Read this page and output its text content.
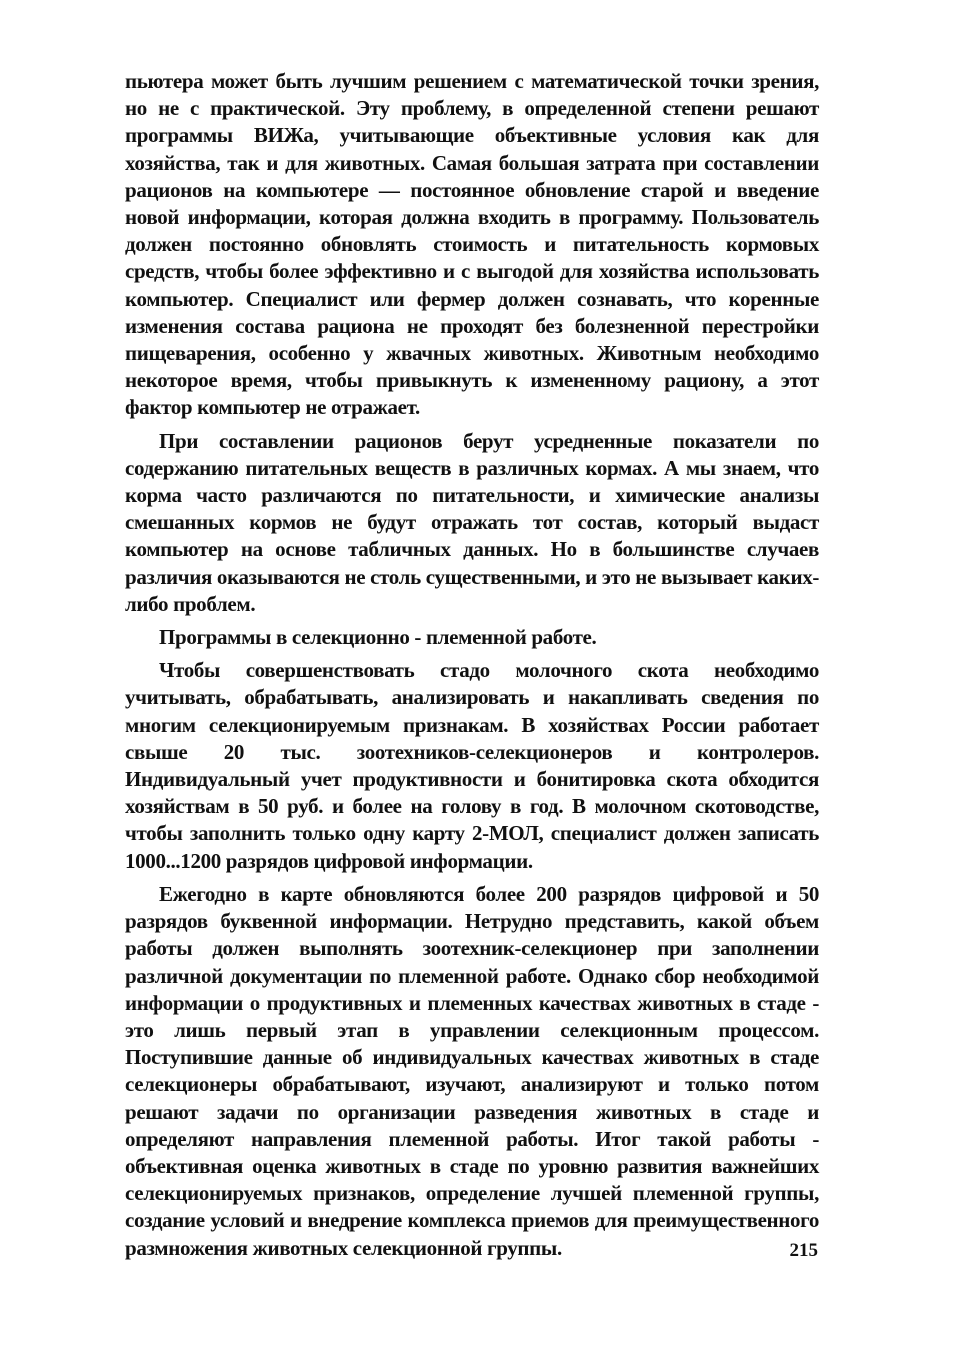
пьютера может быть лучшим решением с математической точки зрения, но не с практической. Эту проблему, в определенной степени решают программы ВИЖа, учитывающие объективные условия как для хозяйства, так и для животных. Самая большая затрата при составлении рационов на компьютере — постоянное обновление старой и введение новой информации, которая должна входить в программу. Пользователь должен постоянно обновлять стоимость и питательность кормовых средств, чтобы более эффективно и с выгодой для хозяйства использовать компьютер. Специалист или фермер должен сознавать, что коренные изменения состава рациона не проходят без болезненной перестройки пищеварения, особенно у жвачных животных. Животным необходимо некоторое время, чтобы привыкнуть к измененному рациону, а этот фактор компьютер не отражает.

При составлении рационов берут усредненные показатели по содержанию питательных веществ в различных кормах. А мы знаем, что корма часто различаются по питательности, и химические анализы смешанных кормов не будут отражать тот состав, который выдаст компьютер на основе табличных данных. Но в большинстве случаев различия оказываются не столь существенными, и это не вызывает каких-либо проблем.

Программы в селекционно - племенной работе.

Чтобы совершенствовать стадо молочного скота необходимо учитывать, обрабатывать, анализировать и накапливать сведения по многим селекционируемым признакам. В хозяйствах России работает свыше 20 тыс. зоотехников-селекционеров и контролеров. Индивидуальный учет продуктивности и бонитировка скота обходится хозяйствам в 50 руб. и более на голову в год. В молочном скотоводстве, чтобы заполнить только одну карту 2-МОЛ, специалист должен записать 1000...1200 разрядов цифровой информации.

Ежегодно в карте обновляются более 200 разрядов цифровой и 50 разрядов буквенной информации. Нетрудно представить, какой объем работы должен выполнять зоотехник-селекционер при заполнении различной документации по племенной работе. Однако сбор необходимой информации о продуктивных и племенных качествах животных в стаде - это лишь первый этап в управлении селекционным процессом. Поступившие данные об индивидуальных качествах животных в стаде селекционеры обрабатывают, изучают, анализируют и только потом решают задачи по организации разведения животных в стаде и определяют направления племенной работы. Итог такой работы - объективная оценка животных в стаде по уровню развития важнейших селекционируемых признаков, определение лучшей племенной группы, создание условий и внедрение комплекса приемов для преимущественного размножения животных селекционной группы.	215
